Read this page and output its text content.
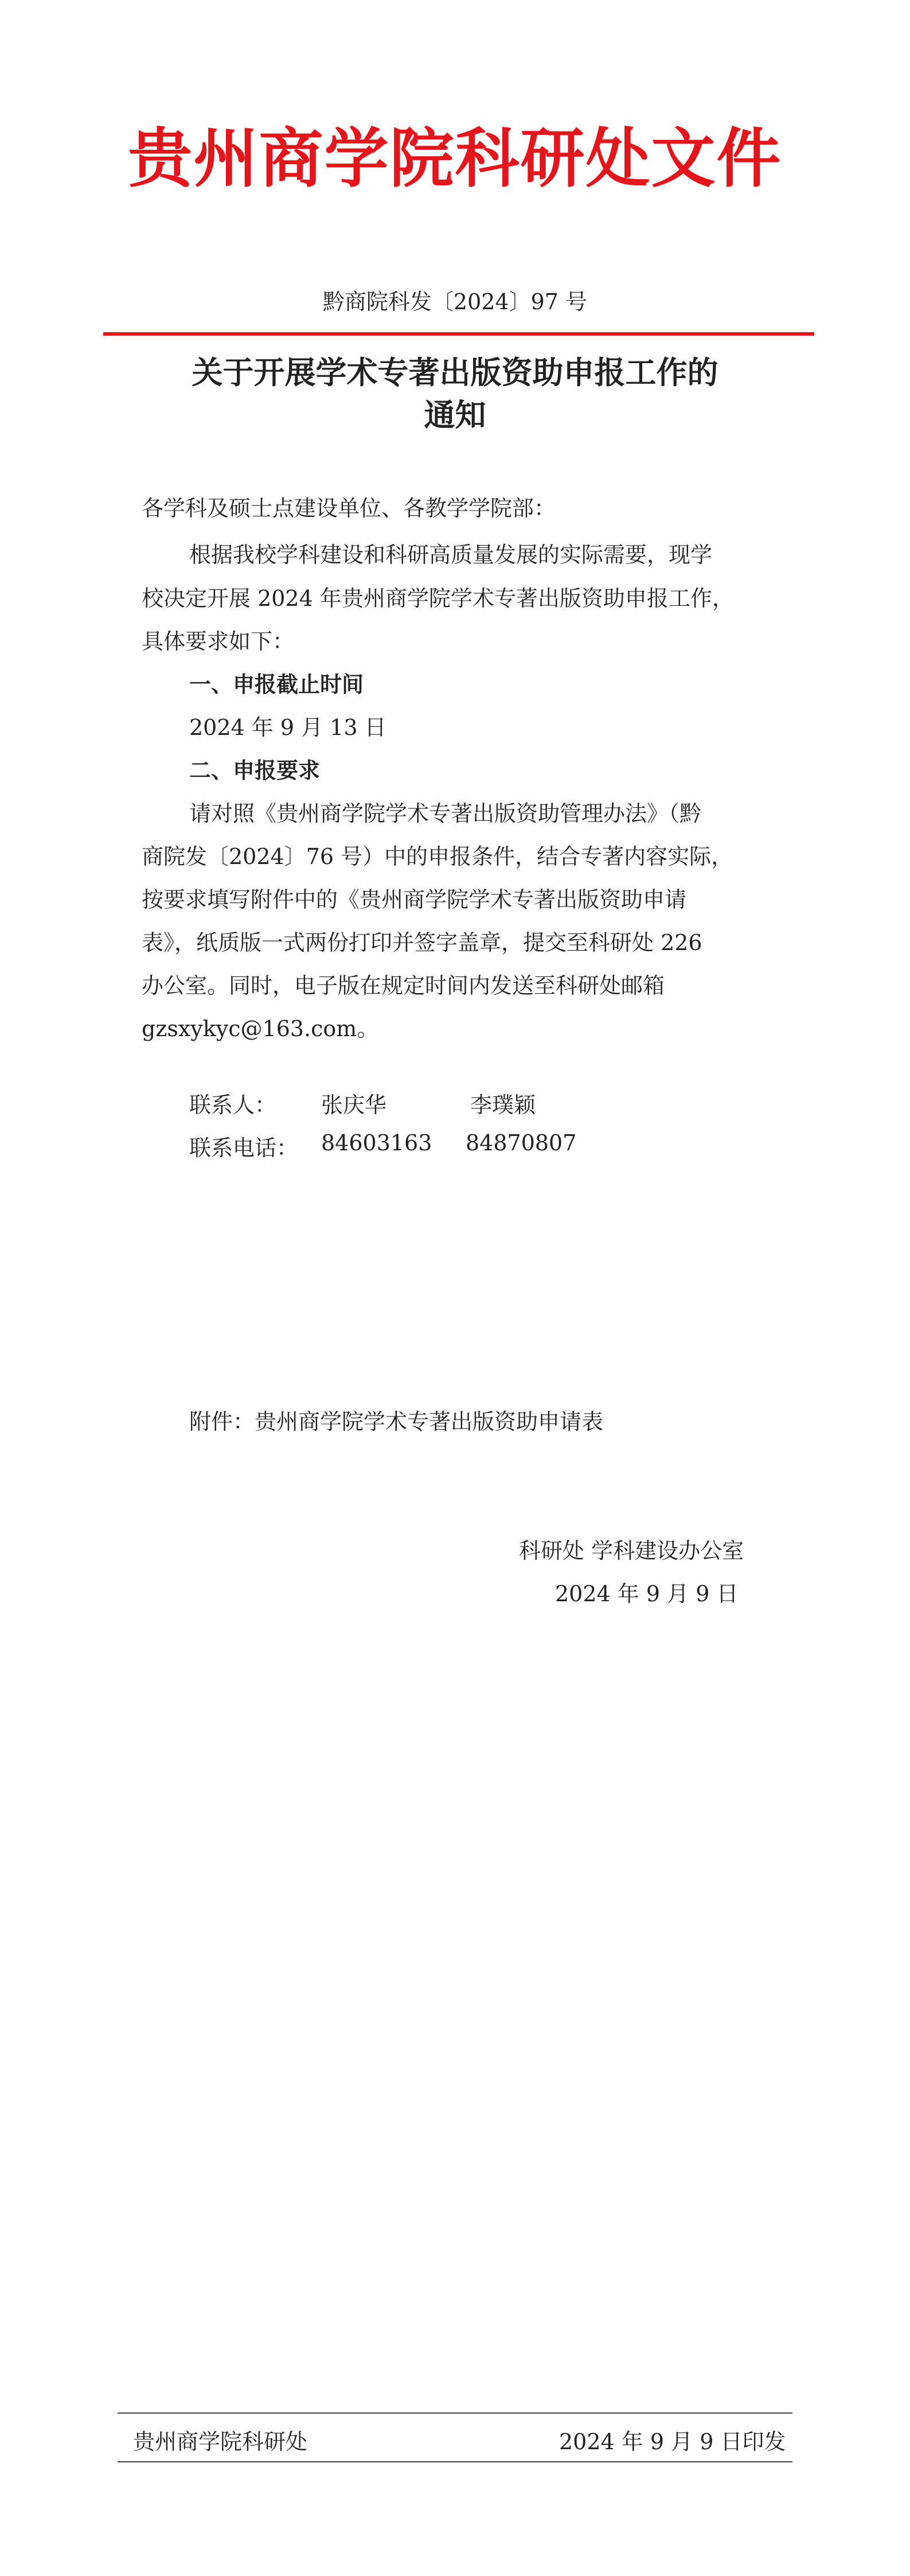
贵州商学院科研处文件
黔商院科发〔2024〕97 号
关于开展学术专著出版资助申报工作的
通知
各学科及硕士点建设单位、各教学学院部：
根据我校学科建设和科研高质量发展的实际需要，现学
校决定开展 2024 年贵州商学院学术专著出版资助申报工作，
具体要求如下：
一、申报截止时间
2024 年 9 月 13 日
二、申报要求
请对照《贵州商学院学术专著出版资助管理办法》（黔
商院发〔2024〕76 号）中的申报条件，结合专著内容实际，
按要求填写附件中的《贵州商学院学术专著出版资助申请
表》，纸质版一式两份打印并签字盖章，提交至科研处 226
办公室。同时，电子版在规定时间内发送至科研处邮箱
gzsxykyc@163.com。
联系人： 张庆华	李璞颖
联系电话： 84603163 84870807
附件：贵州商学院学术专著出版资助申请表
科研处 学科建设办公室
2024 年 9 月 9 日
贵州商学院科研处	2024 年 9 月 9 日印发
